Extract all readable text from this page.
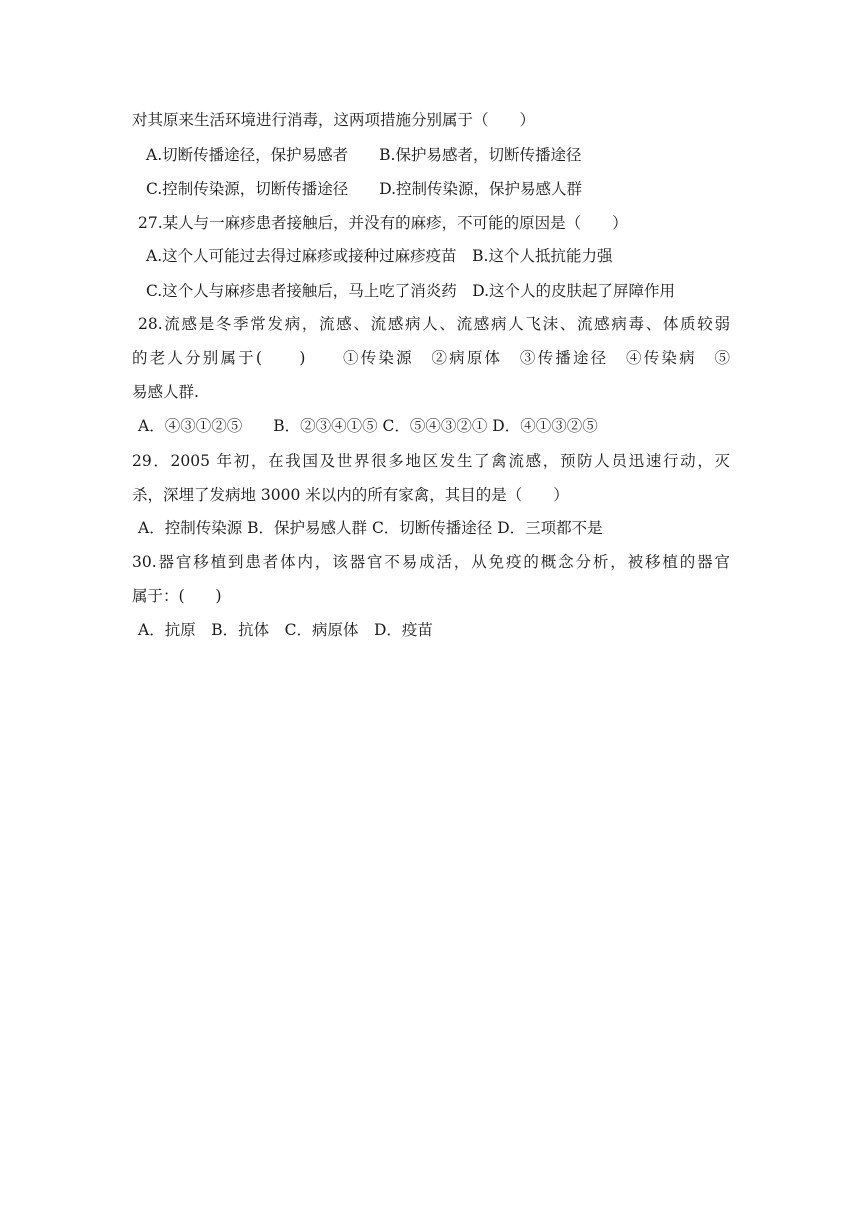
对其原来生活环境进行消毒，这两项措施分别属于（　　）
A.切断传播途径，保护易感者　　B.保护易感者，切断传播途径
C.控制传染源，切断传播途径　　D.控制传染源，保护易感人群
27.某人与一麻疹患者接触后，并没有的麻疹，不可能的原因是（　　）
A.这个人可能过去得过麻疹或接种过麻疹疫苗　B.这个人抵抗能力强
C.这个人与麻疹患者接触后，马上吃了消炎药　D.这个人的皮肤起了屏障作用
28.流感是冬季常发病，流感、流感病人、流感病人飞沫、流感病毒、体质较弱
的老人分别属于(　　)　　①传染源　②病原体　③传播途径　④传染病　⑤
易感人群.
A．④③①②⑤　　B．②③④①⑤ C．⑤④③②① D．④①③②⑤
29．2005 年初，在我国及世界很多地区发生了禽流感，预防人员迅速行动，灭
杀，深埋了发病地 3000 米以内的所有家禽，其目的是（　　）
A．控制传染源 B．保护易感人群 C．切断传播途径 D．三项都不是
30.器官移植到患者体内，该器官不易成活，从免疫的概念分析，被移植的器官
属于：(　　)
A．抗原　B．抗体　C．病原体　D．疫苗
